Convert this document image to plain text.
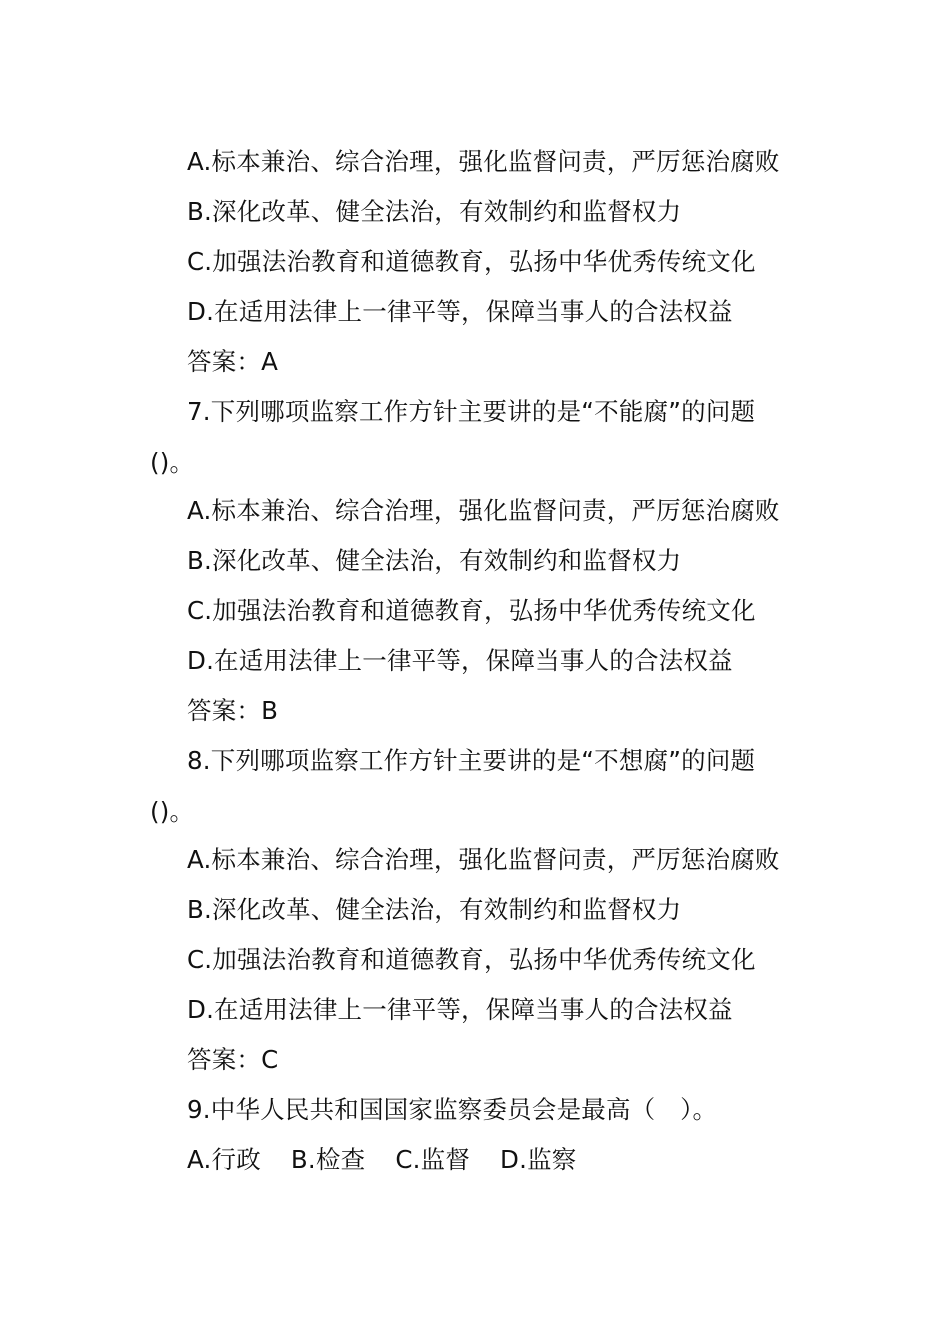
A.标本兼治、综合治理，强化监督问责，严厉惩治腐败
B.深化改革、健全法治，有效制约和监督权力
C.加强法治教育和道德教育，弘扬中华优秀传统文化
D.在适用法律上一律平等，保障当事人的合法权益
答案：A
7.下列哪项监察工作方针主要讲的是“不能腐”的问题
()。
A.标本兼治、综合治理，强化监督问责，严厉惩治腐败
B.深化改革、健全法治，有效制约和监督权力
C.加强法治教育和道德教育，弘扬中华优秀传统文化
D.在适用法律上一律平等，保障当事人的合法权益
答案：B
8.下列哪项监察工作方针主要讲的是“不想腐”的问题
()。
A.标本兼治、综合治理，强化监督问责，严厉惩治腐败
B.深化改革、健全法治，有效制约和监督权力
C.加强法治教育和道德教育，弘扬中华优秀传统文化
D.在适用法律上一律平等，保障当事人的合法权益
答案：C
9.中华人民共和国国家监察委员会是最高（　）。
A.行政 B.检查 C.监督 D.监察
